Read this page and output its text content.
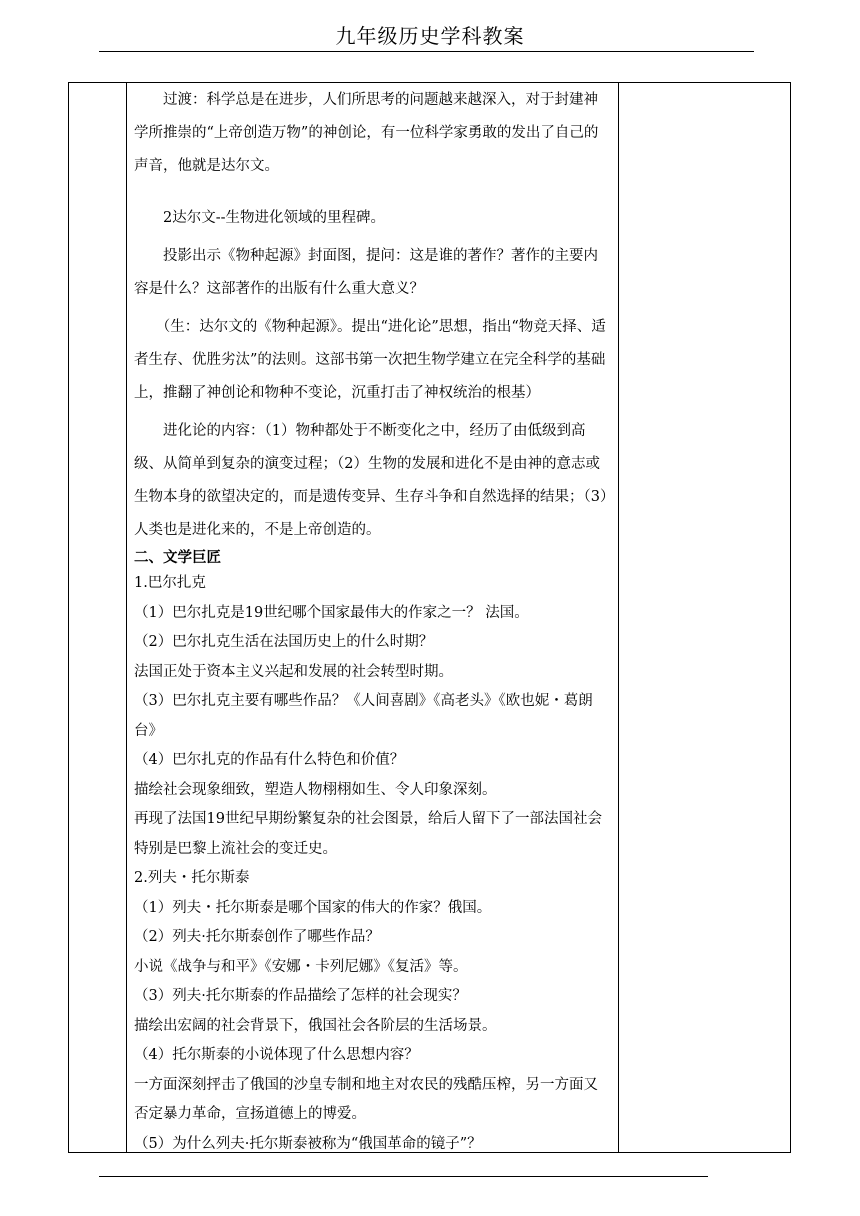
九年级历史学科教案

过渡：科学总是在进步，人们所思考的问题越来越深入，对于封建神学所推崇的“上帝创造万物”的神创论，有一位科学家勇敢的发出了自己的声音，他就是达尔文。

2达尔文--生物进化领域的里程碑。

投影出示《物种起源》封面图，提问：这是谁的著作？著作的主要内容是什么？这部著作的出版有什么重大意义？

（生：达尔文的《物种起源》。提出“进化论”思想，指出“物竞天择、适者生存、优胜劣汰”的法则。这部书第一次把生物学建立在完全科学的基础上，推翻了神创论和物种不变论，沉重打击了神权统治的根基）

进化论的内容：（1）物种都处于不断变化之中，经历了由低级到高级、从简单到复杂的演变过程；（2）生物的发展和进化不是由神的意志或生物本身的欲望决定的，而是遗传变异、生存斗争和自然选择的结果；（3）人类也是进化来的，不是上帝创造的。

二、文学巨匠

1.巴尔扎克

（1）巴尔扎克是19世纪哪个国家最伟大的作家之一？ 法国。

（2）巴尔扎克生活在法国历史上的什么时期？

法国正处于资本主义兴起和发展的社会转型时期。

（3）巴尔扎克主要有哪些作品？《人间喜剧》《高老头》《欧也妮・葛朗台》

（4）巴尔扎克的作品有什么特色和价值？

描绘社会现象细致，塑造人物栩栩如生、令人印象深刻。

再现了法国19世纪早期纷繁复杂的社会图景，给后人留下了一部法国社会特别是巴黎上流社会的变迁史。

2.列夫・托尔斯泰

（1）列夫・托尔斯泰是哪个国家的伟大的作家？俄国。

（2）列夫·托尔斯泰创作了哪些作品？

小说《战争与和平》《安娜・卡列尼娜》《复活》等。

（3）列夫·托尔斯泰的作品描绘了怎样的社会现实？

描绘出宏阔的社会背景下，俄国社会各阶层的生活场景。

（4）托尔斯泰的小说体现了什么思想内容？

一方面深刻抨击了俄国的沙皇专制和地主对农民的残酷压榨，另一方面又否定暴力革命，宣扬道德上的博爱。

（5）为什么列夫·托尔斯泰被称为“俄国革命的镜子”？
